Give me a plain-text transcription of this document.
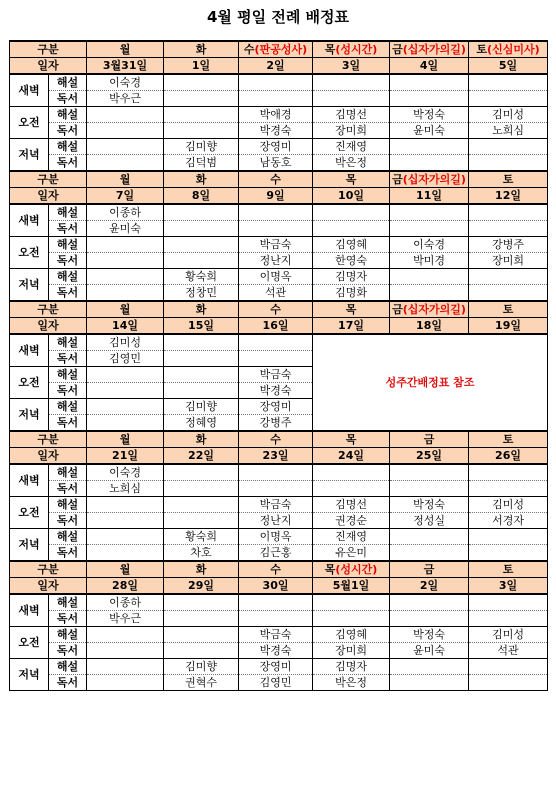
4월 평일 전례 배정표
구분		월	화	수(판공성사)	목(성시간)	금(십자가의길)	토(신심미사)
일자		3월31일	1일	2일	3일	4일	5일
새벽	해설	이숙경					
	독서	박우근					
오전	해설			박애경	김명선	박정숙	김미성
	독서			박경숙	장미희	윤미숙	노희심
저녁	해설		김미향	장영미	진재영		
	독서		김덕범	남동호	박은정		
구분		월	화	수	목	금(십자가의길)	토
일자		7일	8일	9일	10일	11일	12일
새벽	해설	이종하					
	독서	윤미숙					
오전	해설			박금숙	김영혜	이숙경	강병주
	독서			정난지	한영숙	박미경	장미희
저녁	해설		황숙희	이명옥	김명자		
	독서		정창민	석관	김명화		
구분		월	화	수	목	금(십자가의길)	토
일자		14일	15일	16일	17일	18일	19일
새벽	해설	김미성			성주간배정표 참조		
	독서	김영민					
오전	해설			박금숙			
	독서			박경숙			
저녁	해설		김미향	장영미			
	독서		정혜영	강병주			
구분		월	화	수	목	금	토
일자		21일	22일	23일	24일	25일	26일
새벽	해설	이숙경					
	독서	노희심					
오전	해설			박금숙	김명선	박정숙	김미성
	독서			정난지	권경순	정성실	서경자
저녁	해설		황숙희	이명옥	진재영		
	독서		차호	김근홍	유은미		
구분		월	화	수	목(성시간)	금	토
일자		28일	29일	30일	5월1일	2일	3일
새벽	해설	이종하					
	독서	박우근					
오전	해설			박금숙	김영혜	박정숙	김미성
	독서			박경숙	장미희	윤미숙	석관
저녁	해설		김미향	장영미	김명자		
	독서		권혁수	김영민	박은정		
